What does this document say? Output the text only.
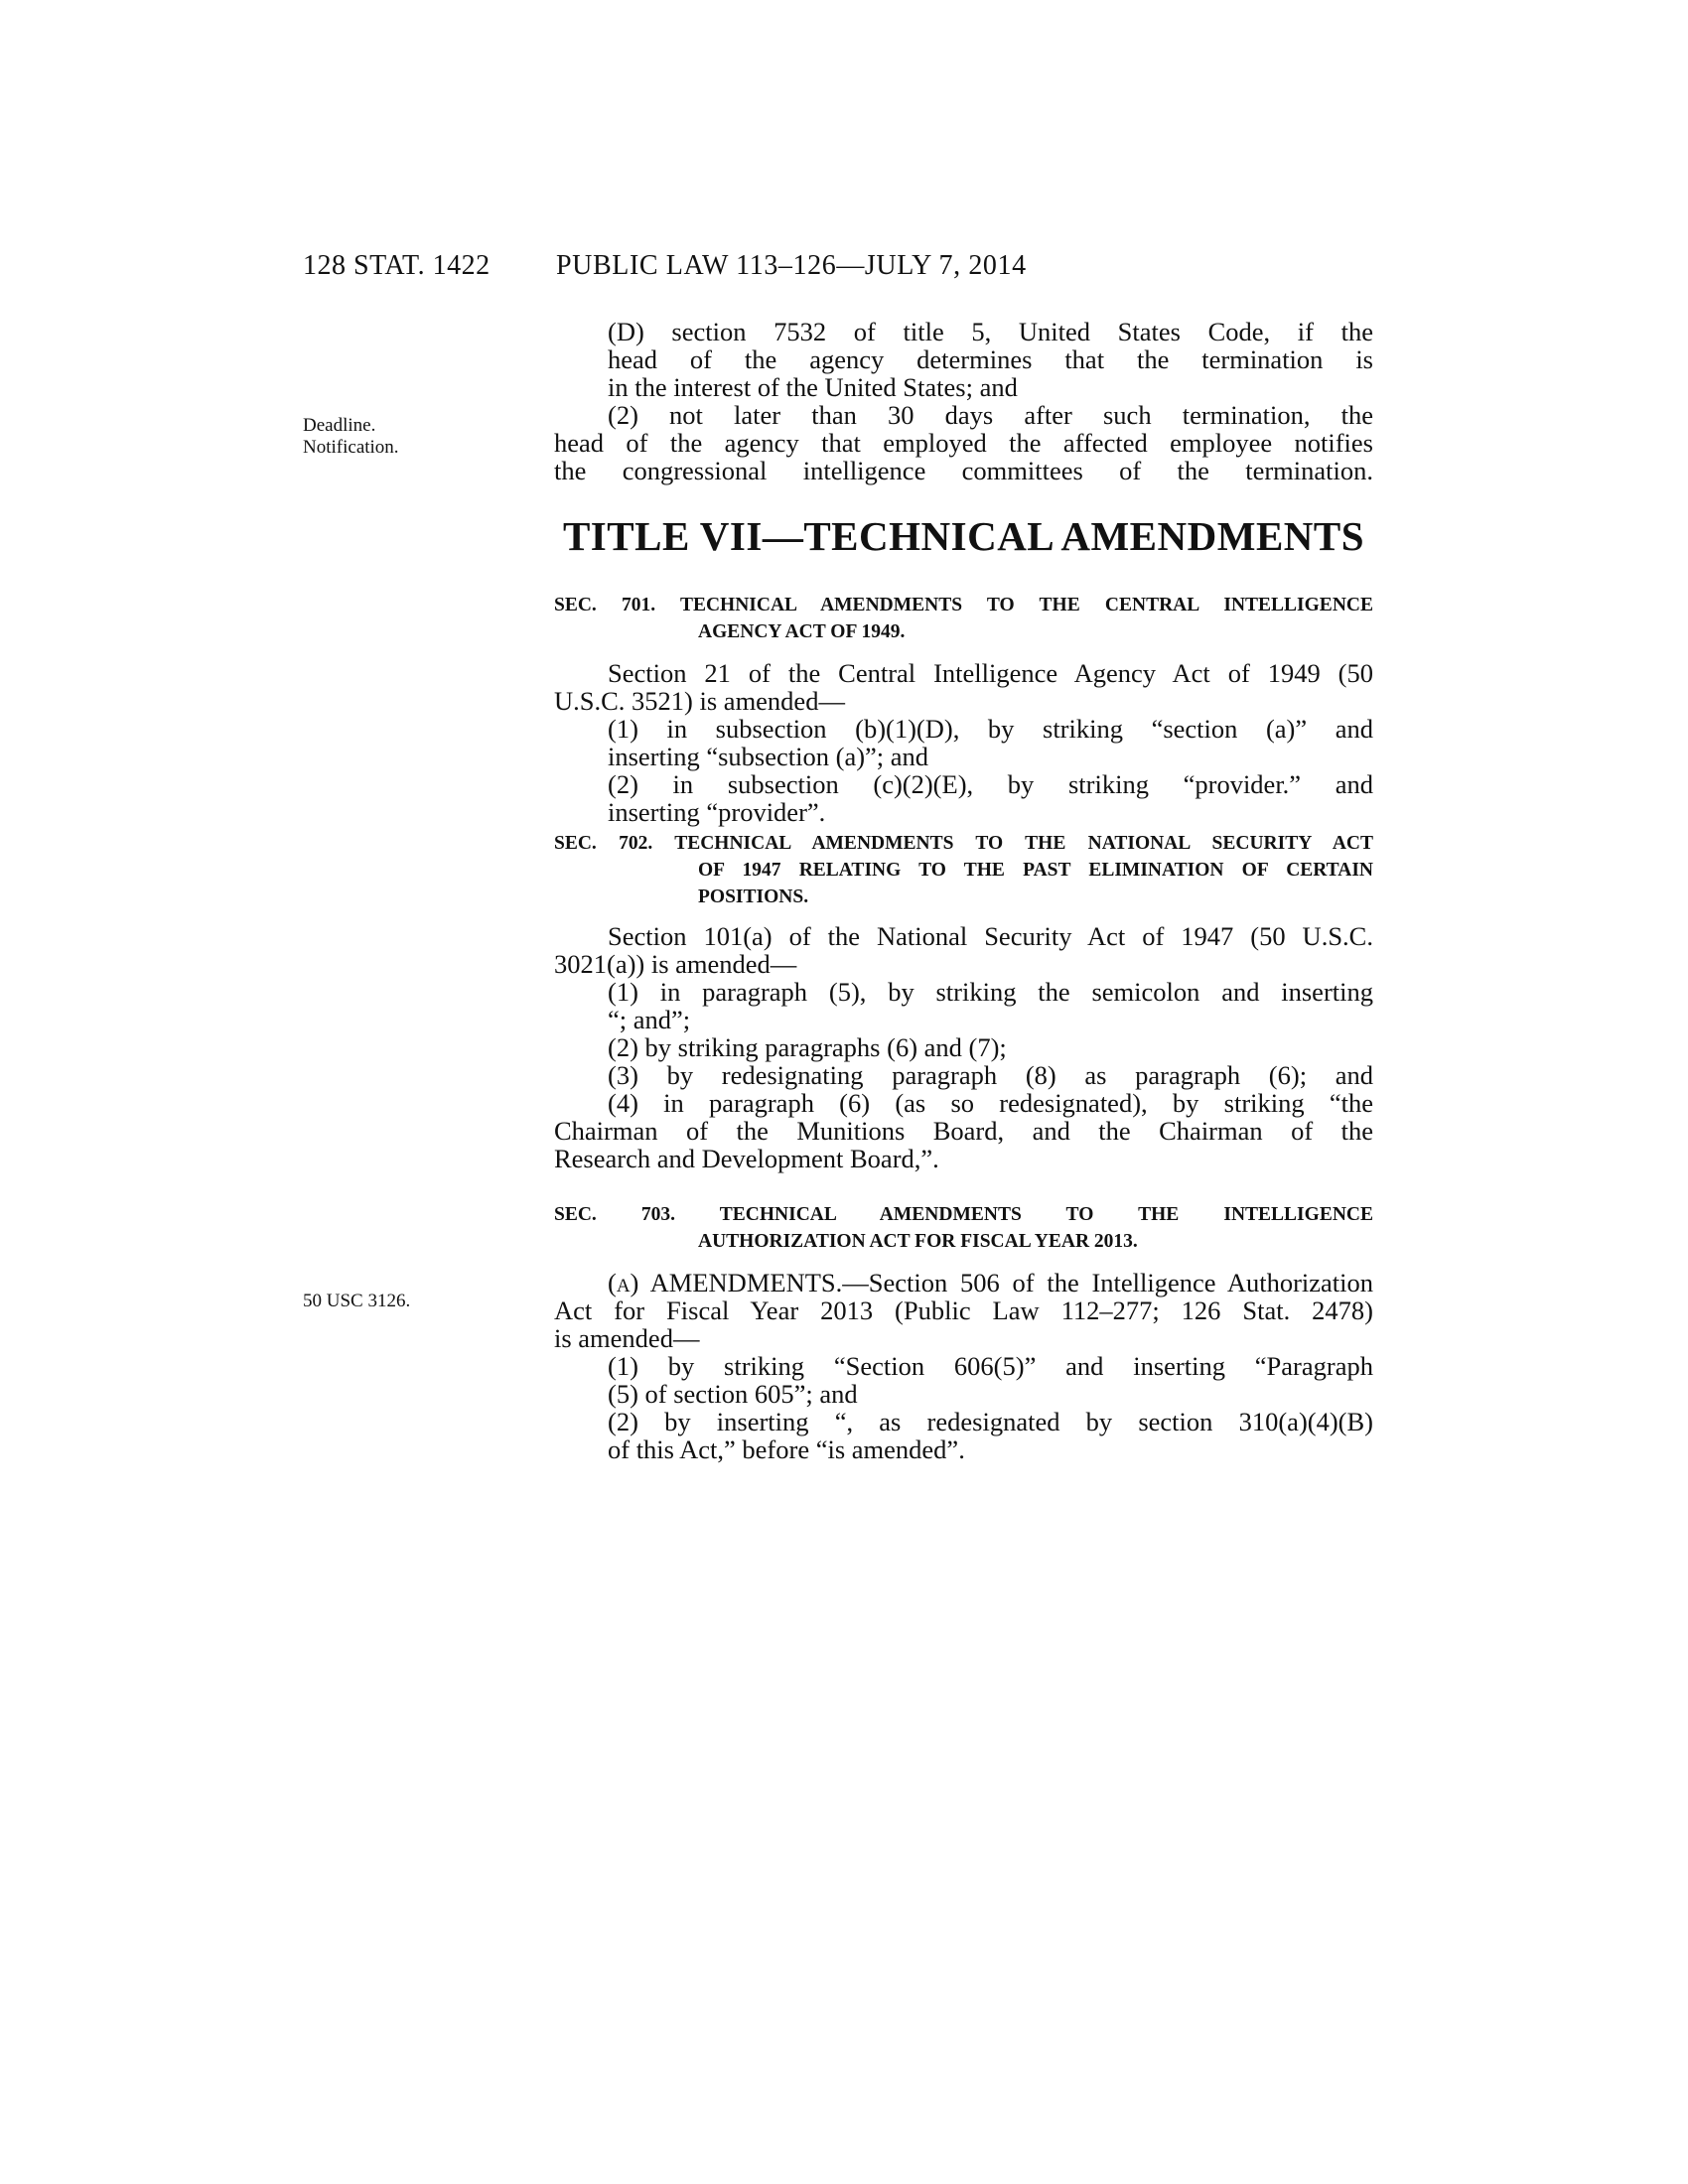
128 STAT. 1422 PUBLIC LAW 113–126—JULY 7, 2014
Deadline.
Notification.
50 USC 3126.

(D) section 7532 of title 5, United States Code, if the

head of the agency determines that the termination is

in the interest of the United States; and

(2) not later than 30 days after such termination, the

head of the agency that employed the affected employee notifies

the congressional intelligence committees of the termination.

TITLE VII—TECHNICAL AMENDMENTS

SEC. 701. TECHNICAL AMENDMENTS TO THE CENTRAL INTELLIGENCE
AGENCY ACT OF 1949.

Section 21 of the Central Intelligence Agency Act of 1949 (50

U.S.C. 3521) is amended—

(1) in subsection (b)(1)(D), by striking “section (a)” and

inserting “subsection (a)”; and

(2) in subsection (c)(2)(E), by striking “provider.” and

inserting “provider”.

SEC. 702. TECHNICAL AMENDMENTS TO THE NATIONAL SECURITY ACT
OF 1947 RELATING TO THE PAST ELIMINATION OF CERTAIN
POSITIONS.

Section 101(a) of the National Security Act of 1947 (50 U.S.C.

3021(a)) is amended—

(1) in paragraph (5), by striking the semicolon and inserting

“; and”;

(2) by striking paragraphs (6) and (7);

(3) by redesignating paragraph (8) as paragraph (6); and

(4) in paragraph (6) (as so redesignated), by striking “the

Chairman of the Munitions Board, and the Chairman of the

Research and Development Board,”.

SEC. 703. TECHNICAL AMENDMENTS TO THE INTELLIGENCE
AUTHORIZATION ACT FOR FISCAL YEAR 2013.

(a) AMENDMENTS.—Section 506 of the Intelligence Authorization

Act for Fiscal Year 2013 (Public Law 112–277; 126 Stat. 2478)

is amended—

(1) by striking “Section 606(5)” and inserting “Paragraph

(5) of section 605”; and

(2) by inserting “, as redesignated by section 310(a)(4)(B)

of this Act,” before “is amended”.
